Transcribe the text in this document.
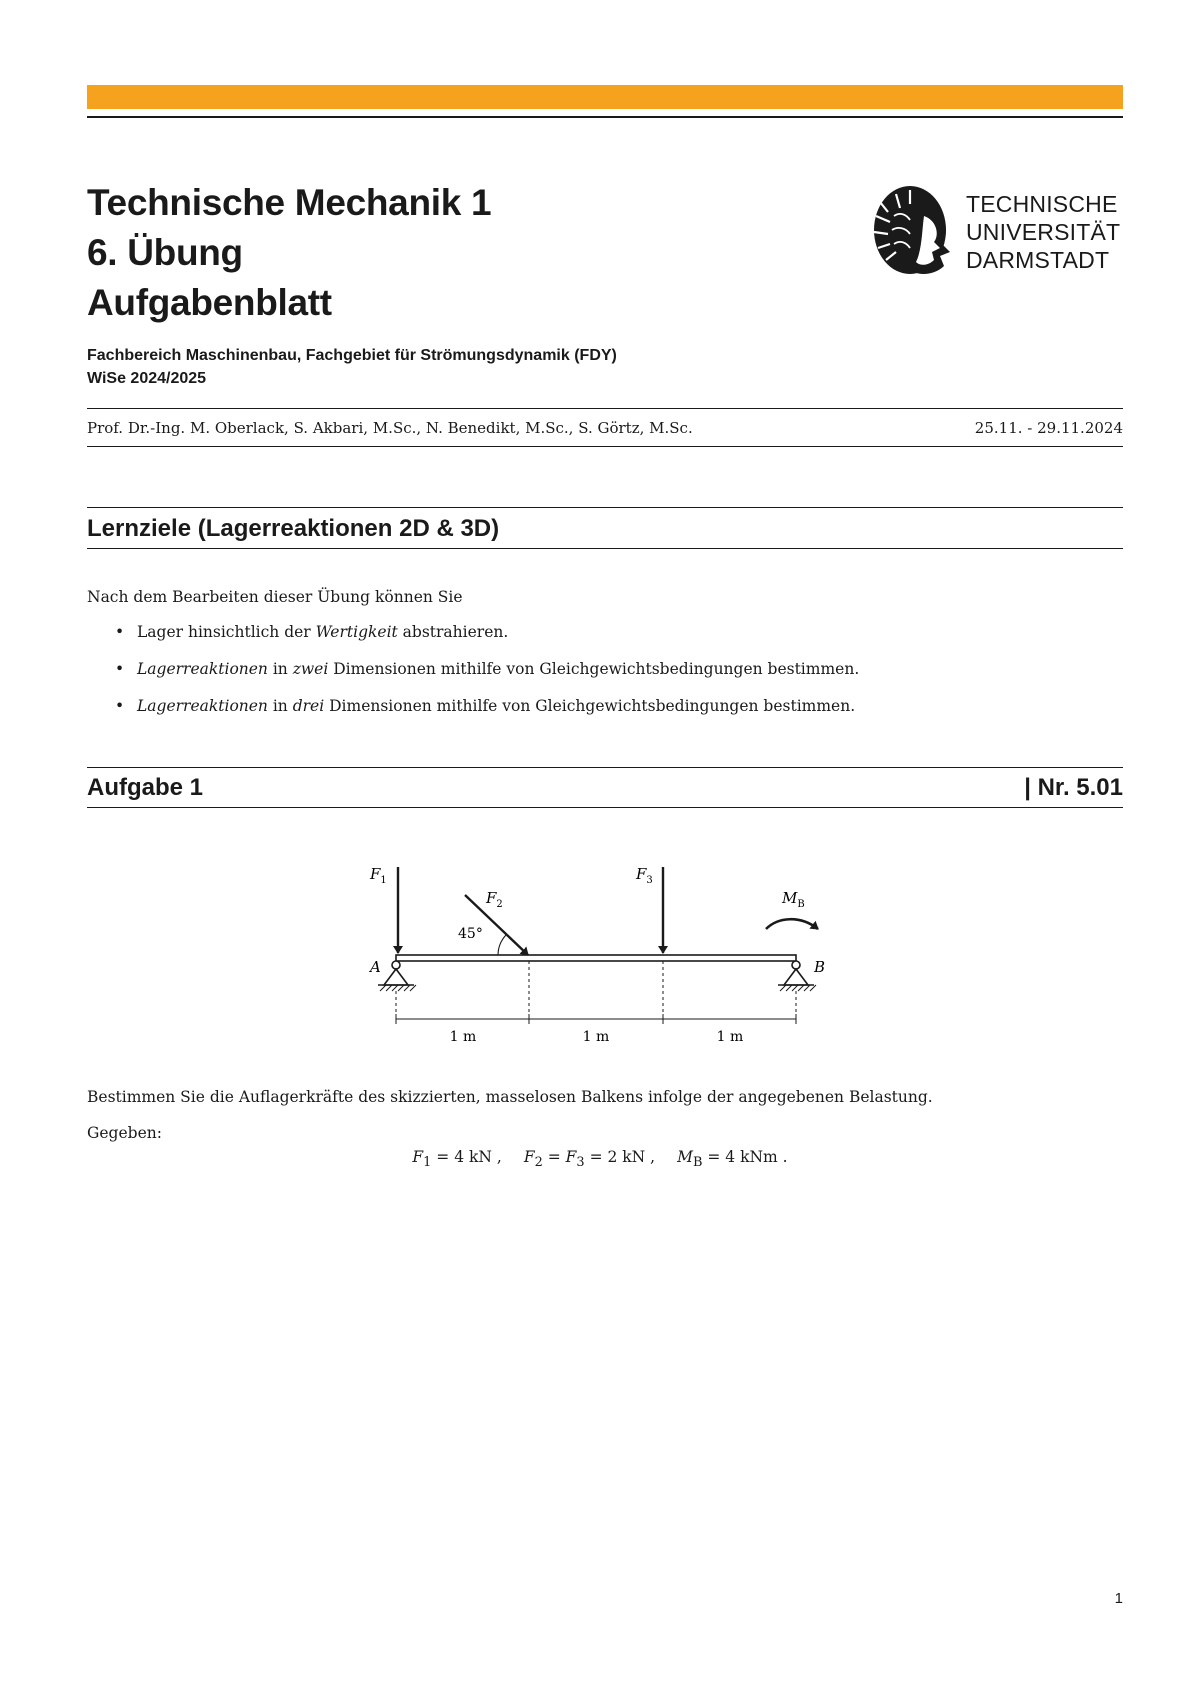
Technische Mechanik 1
6. Übung
Aufgabenblatt
TECHNISCHE
UNIVERSITÄT
DARMSTADT
Fachbereich Maschinenbau, Fachgebiet für Strömungsdynamik (FDY)
WiSe 2024/2025
Prof. Dr.-Ing. M. Oberlack, S. Akbari, M.Sc., N. Benedikt, M.Sc., S. Görtz, M.Sc.	25.11. - 29.11.2024
Lernziele (Lagerreaktionen 2D & 3D)
Nach dem Bearbeiten dieser Übung können Sie
• Lager hinsichtlich der Wertigkeit abstrahieren.
• Lagerreaktionen in zwei Dimensionen mithilfe von Gleichgewichtsbedingungen bestimmen.
• Lagerreaktionen in drei Dimensionen mithilfe von Gleichgewichtsbedingungen bestimmen.
Aufgabe 1	| Nr. 5.01
$F_1$
$F_2$
$F_3$
$M_B$
45°
A	B
1 m	1 m	1 m
Bestimmen Sie die Auflagerkräfte des skizzierten, masselosen Balkens infolge der angegebenen Belastung.
Gegeben:
$F_1 = 4$ kN , $F_2 = F_3 = 2$ kN , $M_B = 4$ kNm .
1
